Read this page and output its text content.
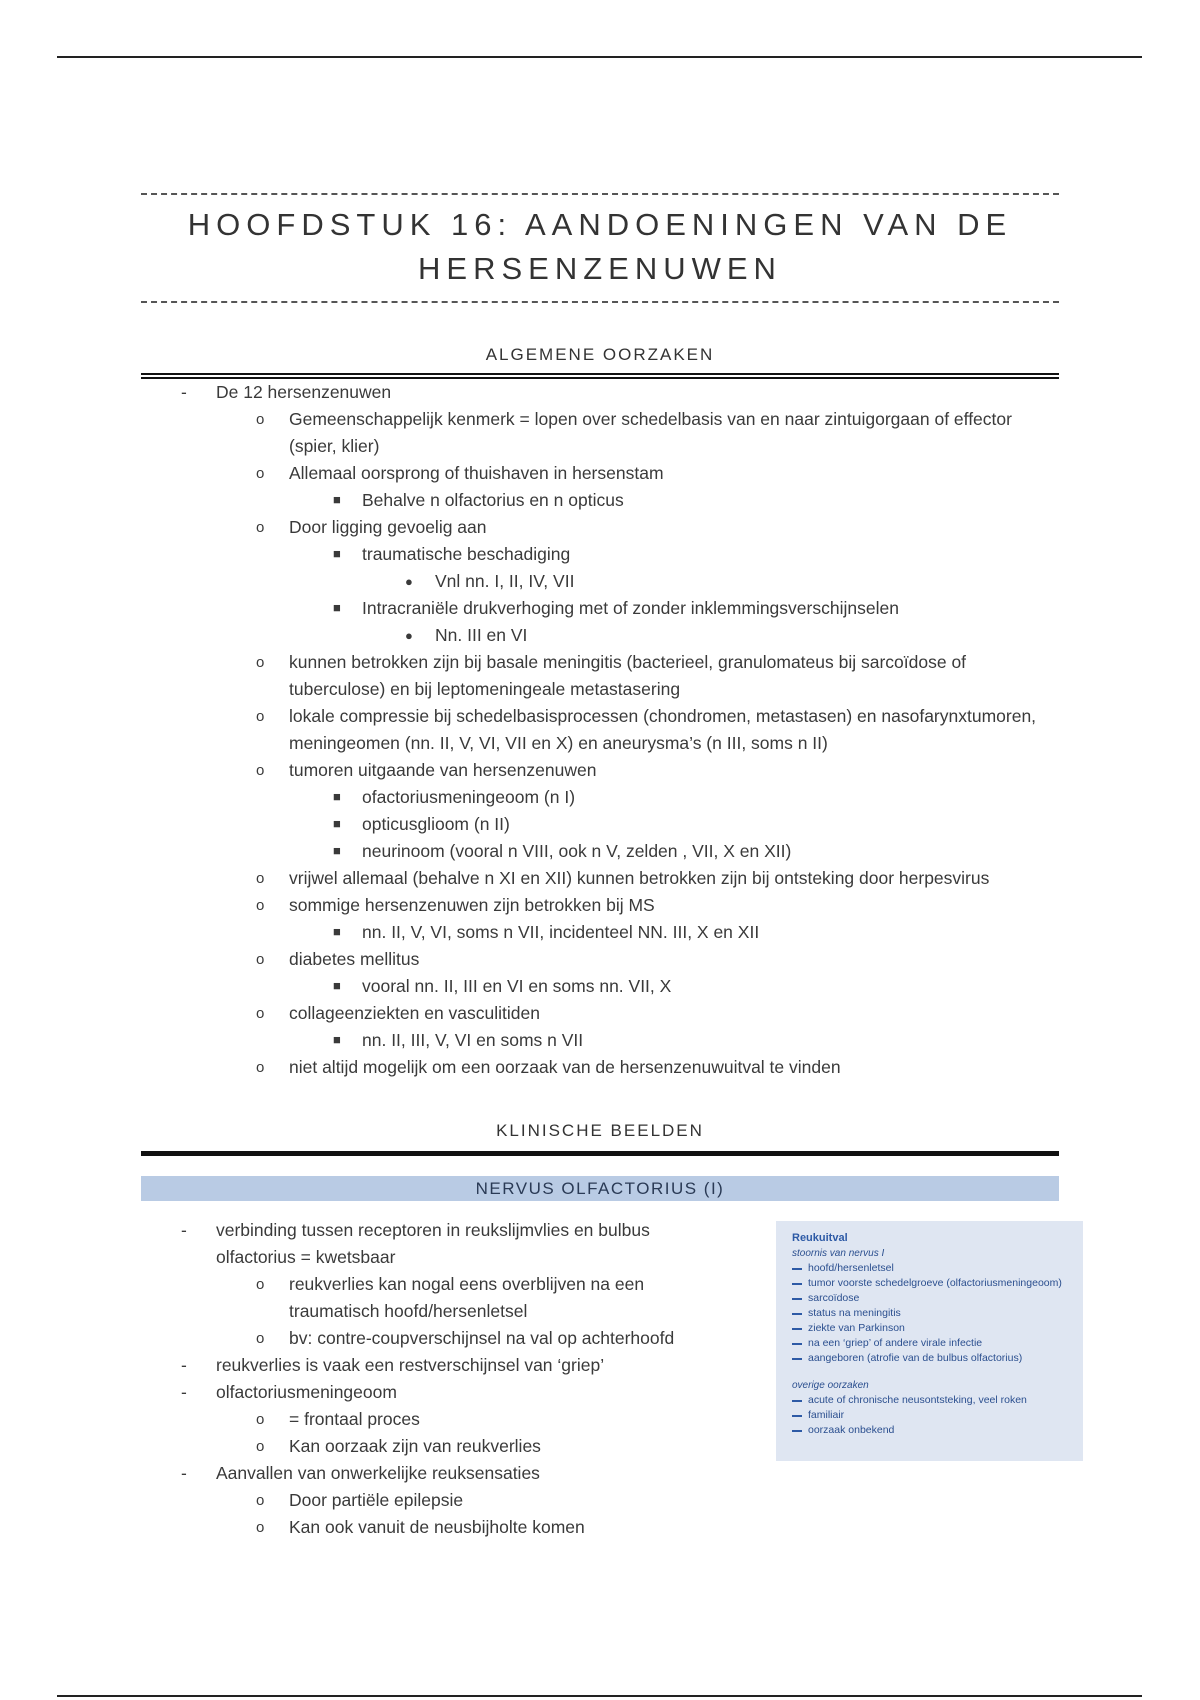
HOOFDSTUK 16: AANDOENINGEN VAN DE
HERSENZENUWEN
ALGEMENE OORZAKEN
- De 12 hersenzenuwen
o Gemeenschappelijk kenmerk = lopen over schedelbasis van en naar zintuigorgaan of effector (spier, klier)
o Allemaal oorsprong of thuishaven in hersenstam
■ Behalve n olfactorius en n opticus
o Door ligging gevoelig aan
■ traumatische beschadiging
● Vnl nn. I, II, IV, VII
■ Intracraniële drukverhoging met of zonder inklemmingsverschijnselen
● Nn. III en VI
o kunnen betrokken zijn bij basale meningitis (bacterieel, granulomateus bij sarcoïdose of tuberculose) en bij leptomeningeale metastasering
o lokale compressie bij schedelbasisprocessen (chondromen, metastasen) en nasofarynxtumoren, meningeomen (nn. II, V, VI, VII en X) en aneurysma’s (n III, soms n II)
o tumoren uitgaande van hersenzenuwen
■ ofactoriusmeningeoom (n I)
■ opticusglioom (n II)
■ neurinoom (vooral n VIII, ook n V, zelden , VII, X en XII)
o vrijwel allemaal (behalve n XI en XII) kunnen betrokken zijn bij ontsteking door herpesvirus
o sommige hersenzenuwen zijn betrokken bij MS
■ nn. II, V, VI, soms n VII, incidenteel NN. III, X en XII
o diabetes mellitus
■ vooral nn. II, III en VI en soms nn. VII, X
o collageenziekten en vasculitiden
■ nn. II, III, V, VI en soms n VII
o niet altijd mogelijk om een oorzaak van de hersenzenuwuitval te vinden
KLINISCHE BEELDEN
NERVUS OLFACTORIUS (I)
- verbinding tussen receptoren in reukslijmvlies en bulbus olfactorius = kwetsbaar
o reukverlies kan nogal eens overblijven na een traumatisch hoofd/hersenletsel
o bv: contre-coupverschijnsel na val op achterhoofd
- reukverlies is vaak een restverschijnsel van ‘griep’
- olfactoriusmeningeoom
o = frontaal proces
o Kan oorzaak zijn van reukverlies
- Aanvallen van onwerkelijke reuksensaties
o Door partiële epilepsie
o Kan ook vanuit de neusbijholte komen
Reukuitval
stoornis van nervus I
hoofd/hersenletsel
tumor voorste schedelgroeve (olfactoriusmeningeoom)
sarcoïdose
status na meningitis
ziekte van Parkinson
na een ‘griep’ of andere virale infectie
aangeboren (atrofie van de bulbus olfactorius)
overige oorzaken
acute of chronische neusontsteking, veel roken
familiair
oorzaak onbekend
